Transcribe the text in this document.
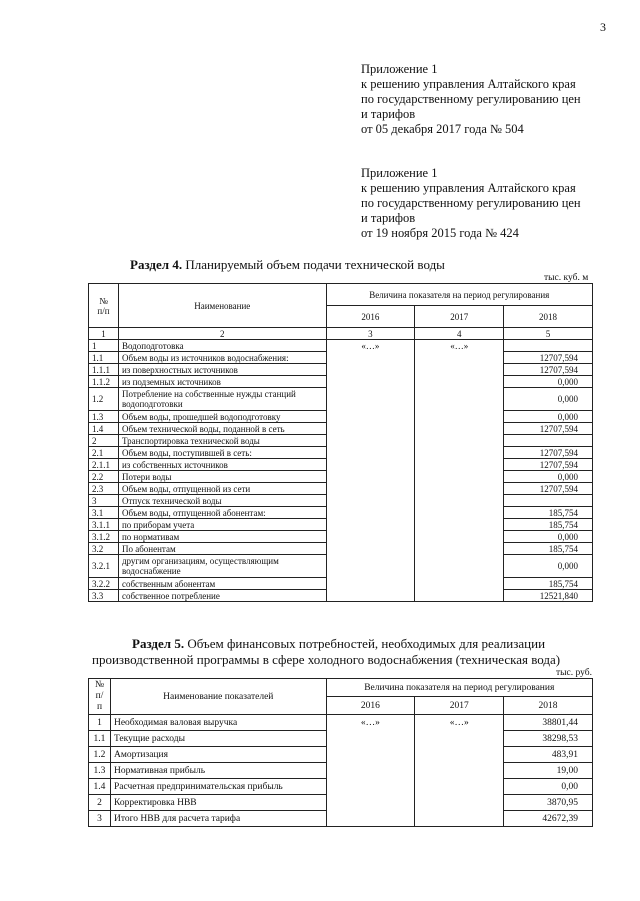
3
Приложение 1
к решению управления Алтайского края
по государственному регулированию цен
и тарифов
от 05 декабря 2017 года № 504
Приложение 1
к решению управления Алтайского края
по государственному регулированию цен
и тарифов
от 19 ноября 2015 года № 424
Раздел 4. Планируемый объем подачи технической воды
тыс. куб. м
№
п/п	Наименование	Величина показателя на период регулирования		
		2016	2017	2018
1	2	3	4	5
1	Водоподготовка	«…»	«…»	
1.1	Объем воды из источников водоснабжения:			12707,594
1.1.1	из поверхностных источников			12707,594
1.1.2	из подземных источников			0,000
1.2	Потребление на собственные нужды станций водоподготовки			0,000
1.3	Объем воды, прошедшей водоподготовку			0,000
1.4	Объем технической воды, поданной в сеть			12707,594
2	Транспортировка технической воды			
2.1	Объем воды, поступившей в сеть:			12707,594
2.1.1	из собственных источников			12707,594
2.2	Потери воды			0,000
2.3	Объем воды, отпущенной из сети			12707,594
3	Отпуск технической воды			
3.1	Объем воды, отпущенной абонентам:			185,754
3.1.1	по приборам учета			185,754
3.1.2	по нормативам			0,000
3.2	По абонентам			185,754
3.2.1	другим организациям, осуществляющим водоснабжение			0,000
3.2.2	собственным абонентам			185,754
3.3	собственное потребление			12521,840
Раздел 5. Объем финансовых потребностей, необходимых для реализации производственной программы в сфере холодного водоснабжения (техническая вода)
тыс. руб.
№
п/
п	Наименование показателей	Величина показателя на период регулирования		
		2016	2017	2018
1	Необходимая валовая выручка	«…»	«…»	38801,44
1.1	Текущие расходы			38298,53
1.2	Амортизация			483,91
1.3	Нормативная прибыль			19,00
1.4	Расчетная предпринимательская прибыль			0,00
2	Корректировка НВВ			3870,95
3	Итого НВВ для расчета тарифа			42672,39
